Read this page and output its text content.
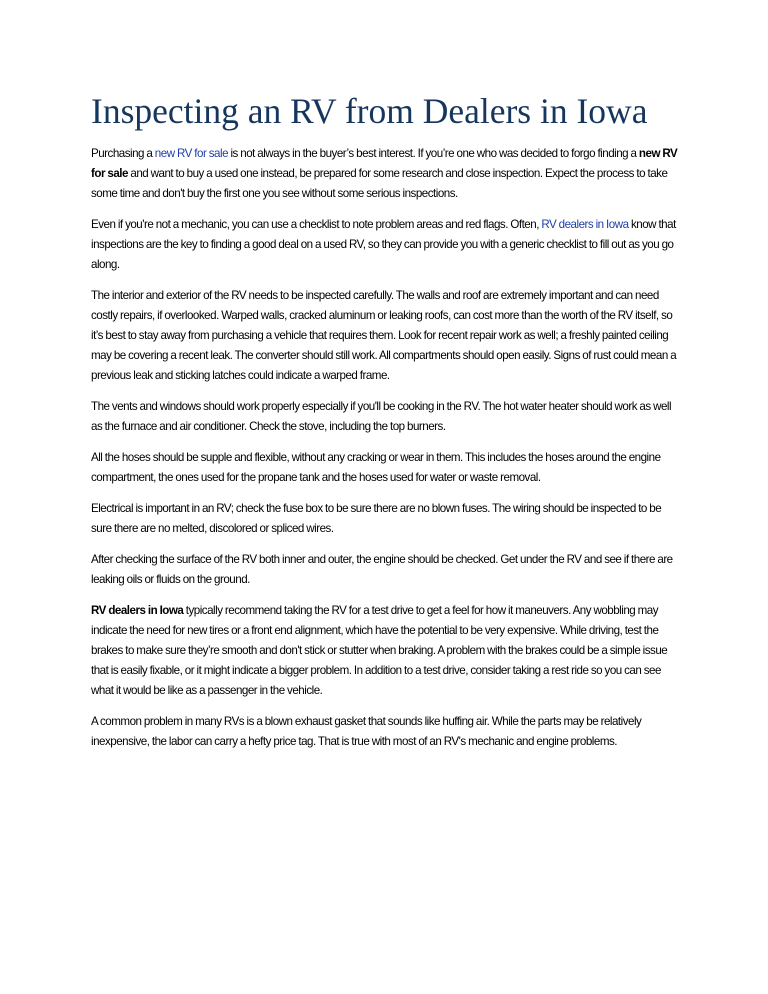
Inspecting an RV from Dealers in Iowa

Purchasing a new RV for sale is not always in the buyer’s best interest. If you’re one who was decided to forgo finding a new RV for sale and want to buy a used one instead, be prepared for some research and close inspection. Expect the process to take some time and don't buy the first one you see without some serious inspections.

Even if you're not a mechanic, you can use a checklist to note problem areas and red flags. Often, RV dealers in Iowa know that inspections are the key to finding a good deal on a used RV, so they can provide you with a generic checklist to fill out as you go along.

The interior and exterior of the RV needs to be inspected carefully. The walls and roof are extremely important and can need costly repairs, if overlooked. Warped walls, cracked aluminum or leaking roofs, can cost more than the worth of the RV itself, so it’s best to stay away from purchasing a vehicle that requires them. Look for recent repair work as well; a freshly painted ceiling may be covering a recent leak. The converter should still work. All compartments should open easily. Signs of rust could mean a previous leak and sticking latches could indicate a warped frame.

The vents and windows should work properly especially if you'll be cooking in the RV. The hot water heater should work as well as the furnace and air conditioner. Check the stove, including the top burners.

All the hoses should be supple and flexible, without any cracking or wear in them. This includes the hoses around the engine compartment, the ones used for the propane tank and the hoses used for water or waste removal.

Electrical is important in an RV; check the fuse box to be sure there are no blown fuses. The wiring should be inspected to be sure there are no melted, discolored or spliced wires.

After checking the surface of the RV both inner and outer, the engine should be checked. Get under the RV and see if there are leaking oils or fluids on the ground.

RV dealers in Iowa typically recommend taking the RV for a test drive to get a feel for how it maneuvers. Any wobbling may indicate the need for new tires or a front end alignment, which have the potential to be very expensive. While driving, test the brakes to make sure they’re smooth and don't stick or stutter when braking. A problem with the brakes could be a simple issue that is easily fixable, or it might indicate a bigger problem. In addition to a test drive, consider taking a rest ride so you can see what it would be like as a passenger in the vehicle.

A common problem in many RVs is a blown exhaust gasket that sounds like huffing air. While the parts may be relatively inexpensive, the labor can carry a hefty price tag. That is true with most of an RV's mechanic and engine problems.
